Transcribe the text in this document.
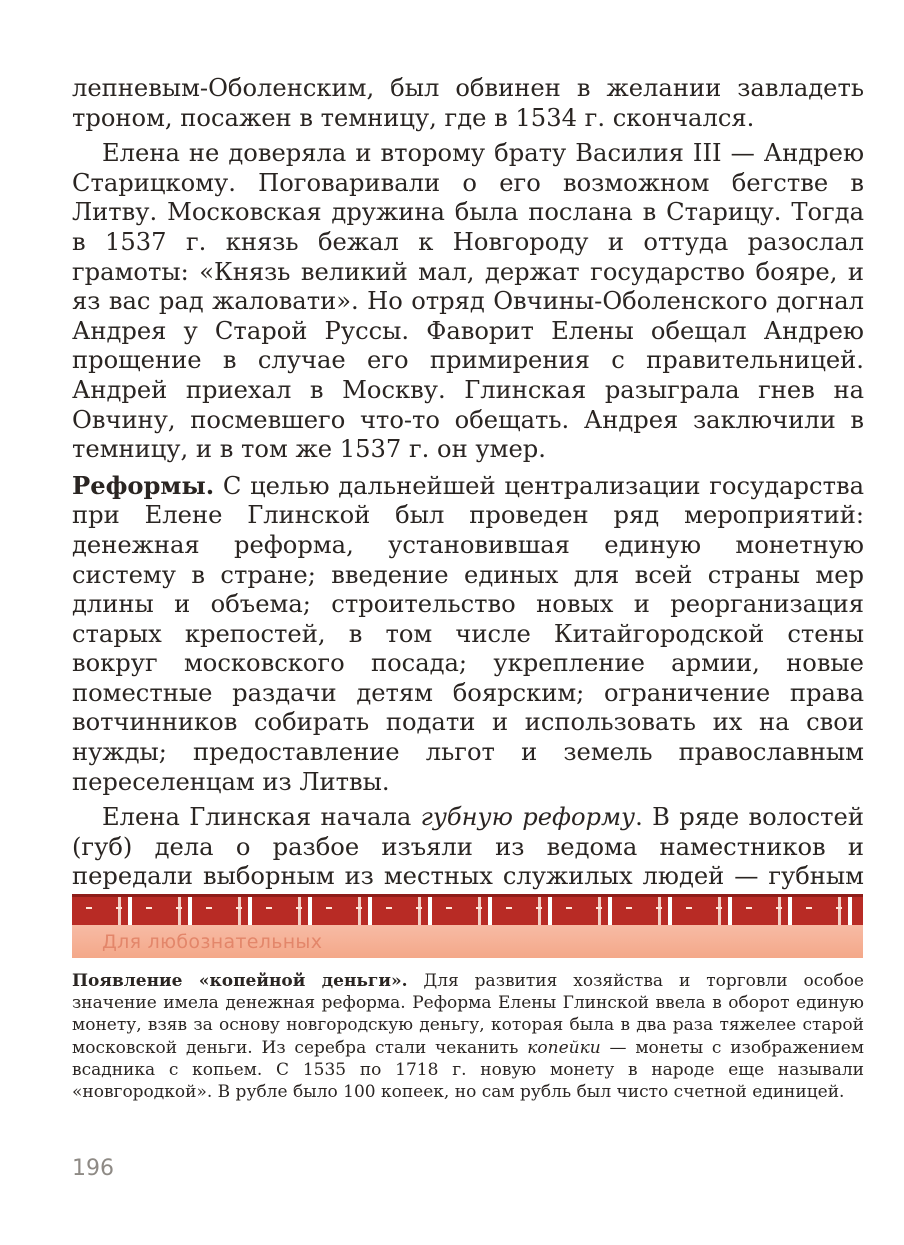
лепневым-Оболенским, был обвинен в желании завладеть троном, посажен в темницу, где в 1534 г. скончался.

Елена не доверяла и второму брату Василия III — Андрею Старицкому. Поговаривали о его возможном бегстве в Литву. Московская дружина была послана в Старицу. Тогда в 1537 г. князь бежал к Новгороду и оттуда разослал грамоты: «Князь великий мал, держат государство бояре, и яз вас рад жаловати». Но отряд Овчины-Оболенского догнал Андрея у Старой Руссы. Фаворит Елены обещал Андрею прощение в случае его примирения с правительницей. Андрей приехал в Москву. Глинская разыграла гнев на Овчину, посмевшего что-то обещать. Андрея заключили в темницу, и в том же 1537 г. он умер.

Реформы. С целью дальнейшей централизации государства при Елене Глинской был проведен ряд мероприятий: денежная реформа, установившая единую монетную систему в стране; введение единых для всей страны мер длины и объема; строительство новых и реорганизация старых крепостей, в том числе Китайгородской стены вокруг московского посада; укрепление армии, новые поместные раздачи детям боярским; ограничение права вотчинников собирать подати и использовать их на свои нужды; предоставление льгот и земель православным переселенцам из Литвы.

Елена Глинская начала губную реформу. В ряде волостей (губ) дела о разбое изъяли из ведома наместников и передали выборным из местных служилых людей — губным

Для любознательных

Появление «копейной деньги». Для развития хозяйства и торговли особое значение имела денежная реформа. Реформа Елены Глинской ввела в оборот единую монету, взяв за основу новгородскую деньгу, которая была в два раза тяжелее старой московской деньги. Из серебра стали чеканить копейки — монеты с изображением всадника с копьем. С 1535 по 1718 г. новую монету в народе еще называли «новгородкой». В рубле было 100 копеек, но сам рубль был чисто счетной единицей.

196
